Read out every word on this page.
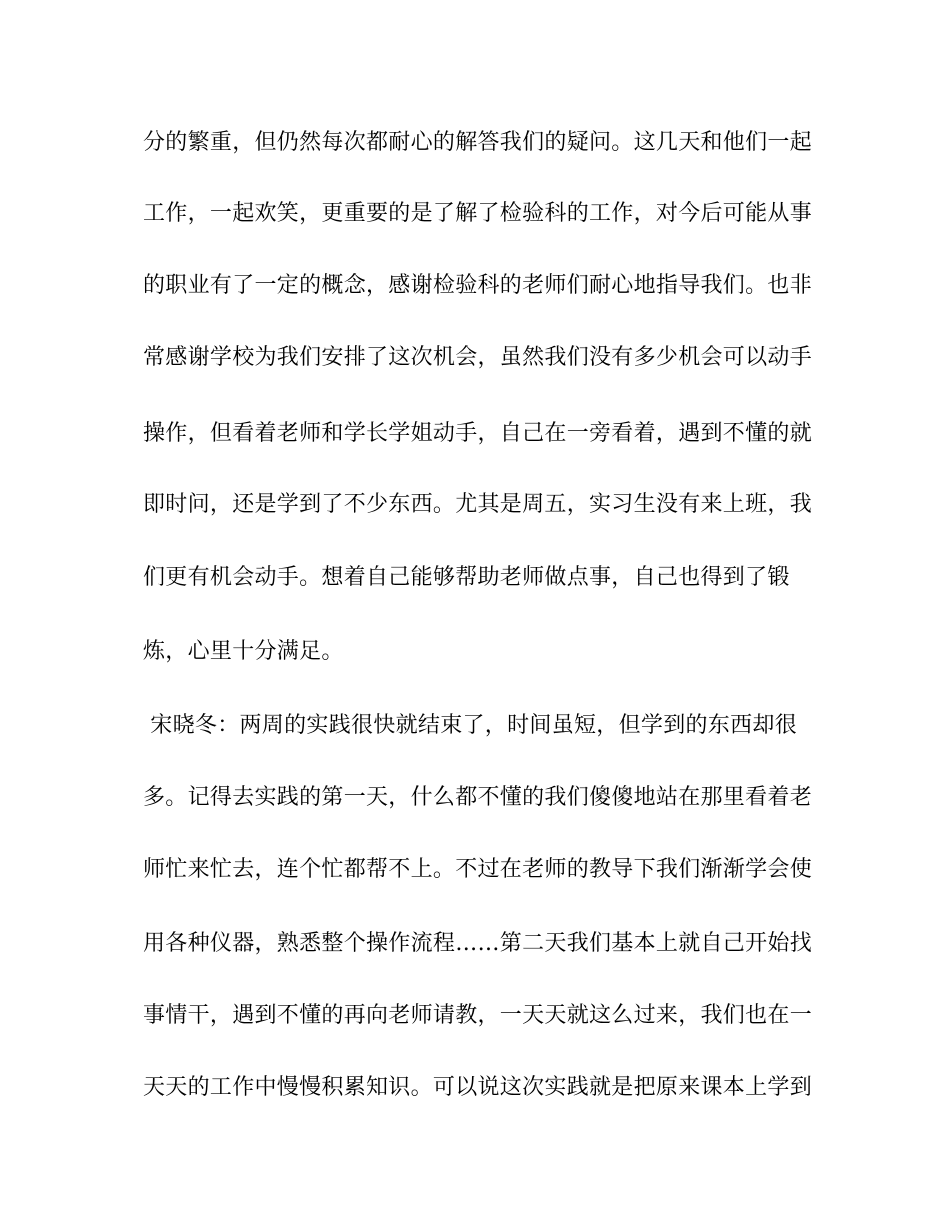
分的繁重，但仍然每次都耐心的解答我们的疑问。这几天和他们一起
工作，一起欢笑，更重要的是了解了检验科的工作，对今后可能从事
的职业有了一定的概念，感谢检验科的老师们耐心地指导我们。也非
常感谢学校为我们安排了这次机会，虽然我们没有多少机会可以动手
操作，但看着老师和学长学姐动手，自己在一旁看着，遇到不懂的就
即时问，还是学到了不少东西。尤其是周五，实习生没有来上班，我
们更有机会动手。想着自己能够帮助老师做点事，自己也得到了锻
炼，心里十分满足。
宋晓冬：两周的实践很快就结束了，时间虽短，但学到的东西却很
多。记得去实践的第一天，什么都不懂的我们傻傻地站在那里看着老
师忙来忙去，连个忙都帮不上。不过在老师的教导下我们渐渐学会使
用各种仪器，熟悉整个操作流程……第二天我们基本上就自己开始找
事情干，遇到不懂的再向老师请教，一天天就这么过来，我们也在一
天天的工作中慢慢积累知识。可以说这次实践就是把原来课本上学到
